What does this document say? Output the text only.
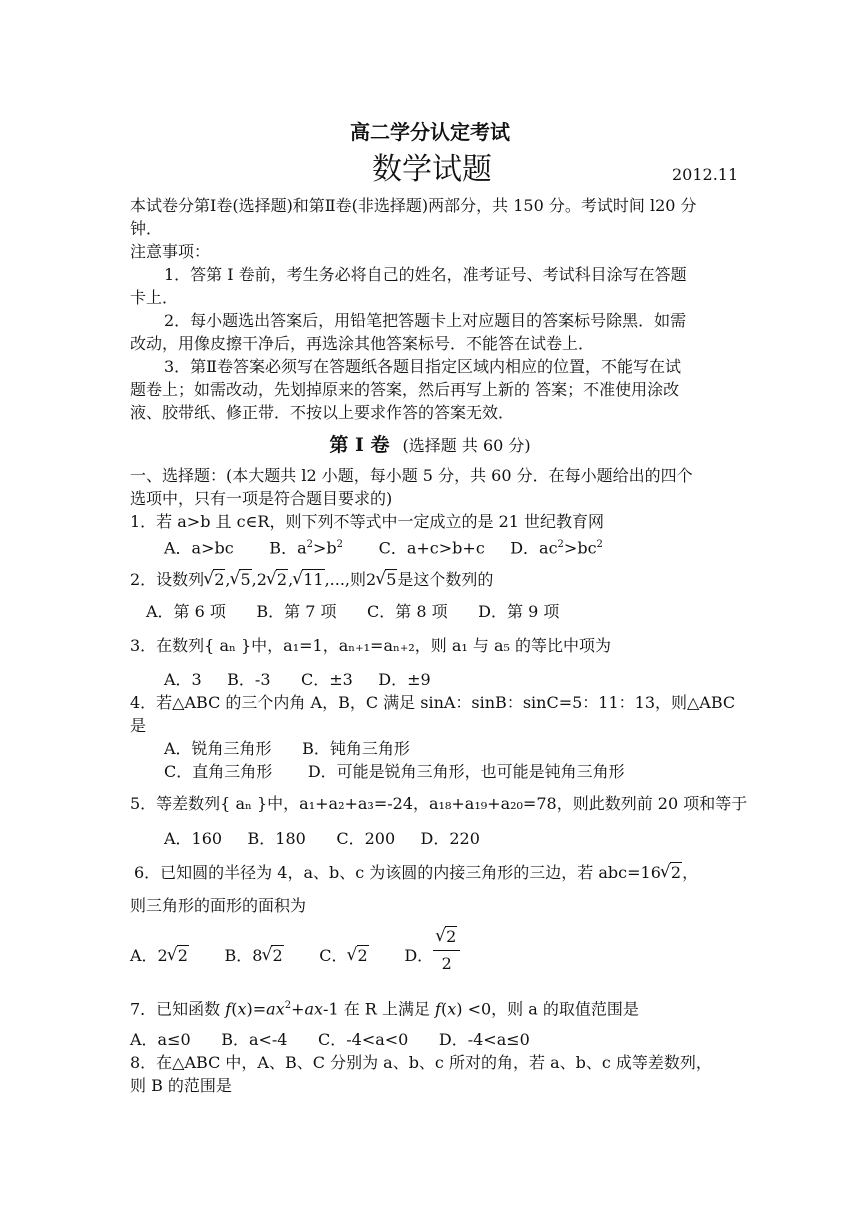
高二学分认定考试
数学试题	2012.11
本试卷分第Ⅰ卷(选择题)和第Ⅱ卷(非选择题)两部分，共 150 分。考试时间 l20 分
钟．
注意事项：
1．答第 I 卷前，考生务必将自己的姓名，准考证号、考试科目涂写在答题
卡上．
2．每小题选出答案后，用铅笔把答题卡上对应题目的答案标号除黑．如需
改动，用像皮擦干净后，再选涂其他答案标号．不能答在试卷上．
3．第Ⅱ卷答案必须写在答题纸各题目指定区域内相应的位置，不能写在试
题卷上；如需改动，先划掉原来的答案，然后再写上新的 答案；不准使用涂改
液、胶带纸、修正带．不按以上要求作答的答案无效．
第 I 卷 (选择题 共 60 分)
一、选择题：(本大题共 l2 小题，每小题 5 分，共 60 分．在每小题给出的四个
选项中，只有一项是符合题目要求的)
1．若 a>b 且 c∈R，则下列不等式中一定成立的是 21 世纪教育网
A．a>bc       B．$a^2>b^2$       C．a+c>b+c     D．$ac^2>bc^2$
2．设数列 √ 2, √ 5,2 √ 2, √ 11,...,则2 √ 5是这个数列的
A．第 6 项      B．第 7 项      C．第 8 项      D．第 9 项
3．在数列{ aₙ }中，a₁=1，aₙ₊₁=aₙ₊₂，则 a₁ 与 a₅ 的等比中项为
A．3     B．-3      C．±3     D．±9
4．若△ABC 的三个内角 A，B，C 满足 sinA：sinB：sinC=5：11：13，则△ABC
是
A．锐角三角形      B．钝角三角形
C．直角三角形       D．可能是锐角三角形，也可能是钝角三角形
5．等差数列{ aₙ }中，a₁+a₂+a₃=-24，a₁₈+a₁₉+a₂₀=78，则此数列前 20 项和等于
A．160     B．180      C．200     D．220
6．已知圆的半径为 4，a、b、c 为该圆的内接三角形的三边，若 abc=16 √ 2，
则三角形的面形的面积为
A．2 √ 2       B．8 √ 2       C． √ 2       D． √ $\frac{2}{2}$
7．已知函数 $f(x)=ax^2+ax-1$ 在 R 上满足 f(x) <0，则 a 的取值范围是
A．a≤0      B．a<-4      C．-4<a<0      D．-4<a≤0
8．在△ABC 中，A、B、C 分别为 a、b、c 所对的角，若 a、b、c 成等差数列，
则 B 的范围是
